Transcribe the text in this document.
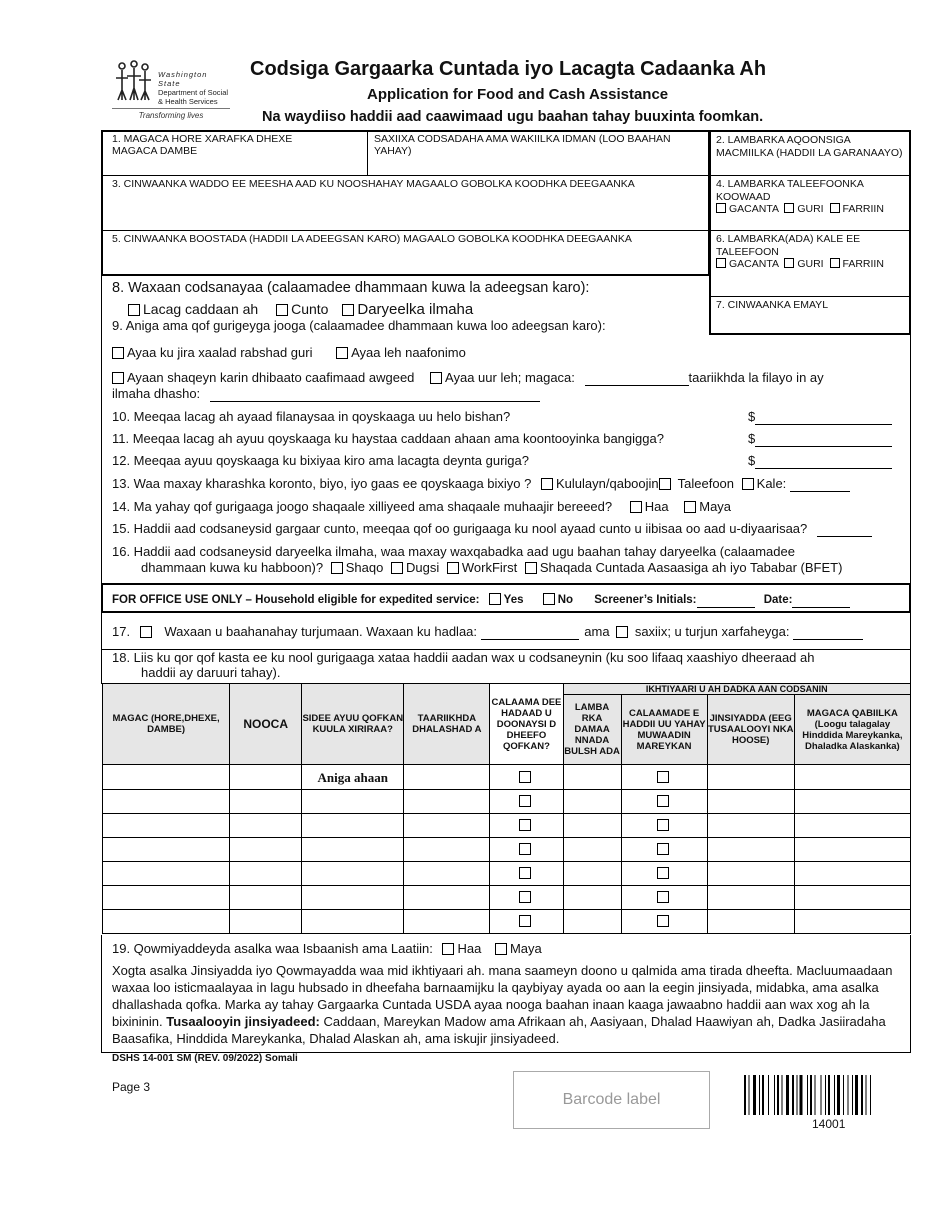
Washington State
Department of Social
& Health Services
Transforming lives
Codsiga Gargaarka Cuntada iyo Lacagta Cadaanka Ah
Application for Food and Cash Assistance
Na waydiiso haddii aad caawimaad ugu baahan tahay buuxinta foomkan.
1. MAGACA HORE XARAFKA DHEXE
MAGACA DAMBE
SAXIIXA CODSADAHA AMA WAKIILKA IDMAN (LOO BAAHAN
YAHAY)
2. LAMBARKA AQOONSIGA MACMIILKA (HADDII LA GARANAAYO)
3. CINWAANKA WADDO EE MEESHA AAD KU NOOSHAHAY MAGAALO GOBOLKA KOODHKA DEEGAANKA	4. LAMBARKA TALEEFOONKA KOOWAAD
GACANTA GURI FARRIIN
5. CINWAANKA BOOSTADA (HADDII LA ADEEGSAN KARO) MAGAALO GOBOLKA KOODHKA DEEGAANKA	6. LAMBARKA(ADA) KALE EE TALEEFOON
GACANTA GURI FARRIIN
7. CINWAANKA EMAYL
8. Waxaan codsanayaa (calaamadee dhammaan kuwa la adeegsan karo):
Lacag caddaan ah Cunto Daryeelka ilmaha
9. Aniga ama qof gurigeyga jooga (calaamadee dhammaan kuwa loo adeegsan karo):
Ayaa ku jira xaalad rabshad guri	Ayaa leh naafonimo
Ayaan shaqeyn karin dhibaato caafimaad awgeed Ayaa uur leh; magaca:	taariikhda la filayo in ay
ilmaha dhasho:
10. Meeqaa lacag ah ayaad filanaysaa in qoyskaaga uu helo bishan?	$
11. Meeqaa lacag ah ayuu qoyskaaga ku haystaa caddaan ahaan ama koontooyinka bangigga?	$
12. Meeqaa ayuu qoyskaaga ku bixiyaa kiro ama lacagta deynta guriga?	$
13. Waa maxay kharashka koronto, biyo, iyo gaas ee qoyskaaga bixiyo ? Kululayn/qaboojin Taleefoon Kale:
14. Ma yahay qof gurigaaga joogo shaqaale xilliyeed ama shaqaale muhaajir bereeed?	Haa Maya
15. Haddii aad codsaneysid gargaar cunto, meeqaa qof oo gurigaaga ku nool ayaad cunto u iibisaa oo aad u-diyaarisaa?
16. Haddii aad codsaneysid daryeelka ilmaha, waa maxay waxqabadka aad ugu baahan tahay daryeelka (calaamadee
dhammaan kuwa ku habboon)? Shaqo Dugsi WorkFirst Shaqada Cuntada Aasaasiga ah iyo Tababar (BFET)
FOR OFFICE USE ONLY – Household eligible for expedited service: Yes	No Screener’s Initials:	Date:
17.	Waxaan u baahanahay turjumaan. Waxaan ku hadlaa:	ama saxiix; u turjun xarfaheyga:
18. Liis ku qor qof kasta ee ku nool gurigaaga xataa haddii aadan wax u codsaneynin (ku soo lifaaq xaashiyo dheeraad ah
haddii ay daruuri tahay).
MAGAC (HORE,DHEXE, DAMBE)	NOOCA	SIDEE AYUU QOFKAN KUULA XIRIRAA?	TAARIIKHDA DHALASHAD A	CALAAMA DEE HADAAD U DOONAYSI D DHEEFO QOFKAN?	IKHTIYAARI U AH DADKA AAN CODSANIN			
					LAMBA RKA DAMAA NNADA BULSH ADA	CALAAMADE E HADDII UU YAHAY MUWAADIN MAREYKAN	JINSIYADDA (EEG TUSAALOOYI NKA HOOSE)	MAGACA QABIILKA (Loogu talagalay Hinddida Mareykanka, Dhaladka Alaskanka)
		Aniga ahaan						

19. Qowmiyaddeyda asalka waa Isbaanish ama Laatiin: Haa Maya
Xogta asalka Jinsiyadda iyo Qowmayadda waa mid ikhtiyaari ah. mana saameyn doono u qalmida ama tirada dheefta. Macluumaadaan waxaa loo isticmaalayaa in lagu hubsado in dheefaha barnaamijku la qaybiyay ayada oo aan la eegin jinsiyada, midabka, ama asalka dhallashada qofka. Marka ay tahay Gargaarka Cuntada USDA ayaa nooga baahan inaan kaaga jawaabno haddii aan wax xog ah la bixininin. Tusaalooyin jinsiyadeed: Caddaan, Mareykan Madow ama Afrikaan ah, Aasiyaan, Dhalad Haawiyan ah, Dadka Jasiiradaha Baasafika, Hinddida Mareykanka, Dhalad Alaskan ah, ama iskujir jinsiyadeed.
DSHS 14-001 SM (REV. 09/2022) Somali
Page 3
Barcode label
14001
